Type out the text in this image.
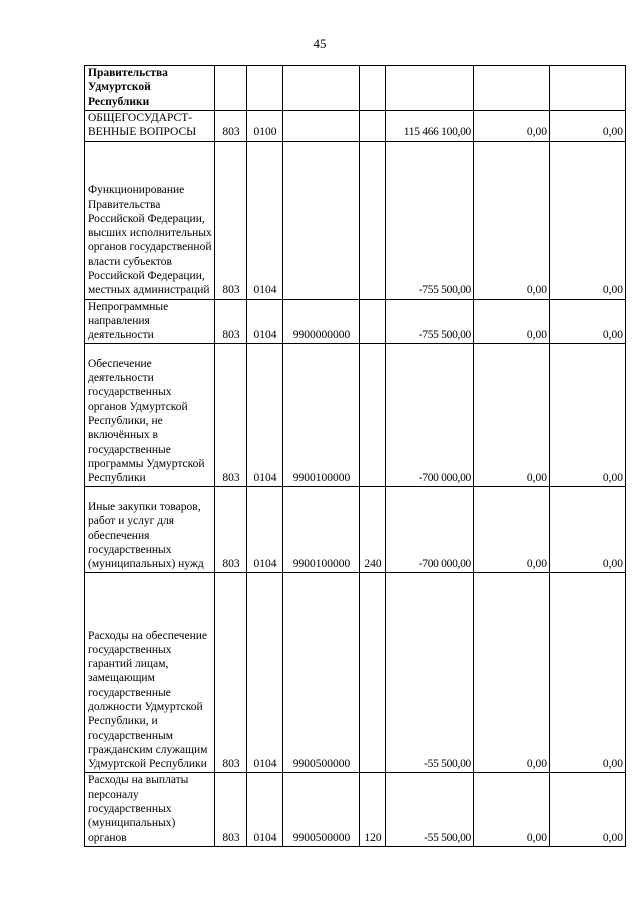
45
Правительства Удмуртской Республики							

ОБЩЕГОСУДАРСТ-ВЕННЫЕ ВОПРОСЫ	803	0100			115 466 100,00	0,00	0,00

Функционирование Правительства Российской Федерации, высших исполнительных органов государственной власти субъектов Российской Федерации, местных администраций	803	0104			-755 500,00	0,00	0,00

Непрограммные направления деятельности	803	0104	9900000000		-755 500,00	0,00	0,00

Обеспечение деятельности государственных органов Удмуртской Республики, не включённых в государственные программы Удмуртской Республики	803	0104	9900100000		-700 000,00	0,00	0,00

Иные закупки товаров, работ и услуг для обеспечения государственных (муниципальных) нужд	803	0104	9900100000	240	-700 000,00	0,00	0,00

Расходы на обеспечение государственных гарантий лицам, замещающим государственные должности Удмуртской Республики, и государственным гражданским служащим Удмуртской Республики	803	0104	9900500000		-55 500,00	0,00	0,00

Расходы на выплаты персоналу государственных (муниципальных) органов	803	0104	9900500000	120	-55 500,00	0,00	0,00
